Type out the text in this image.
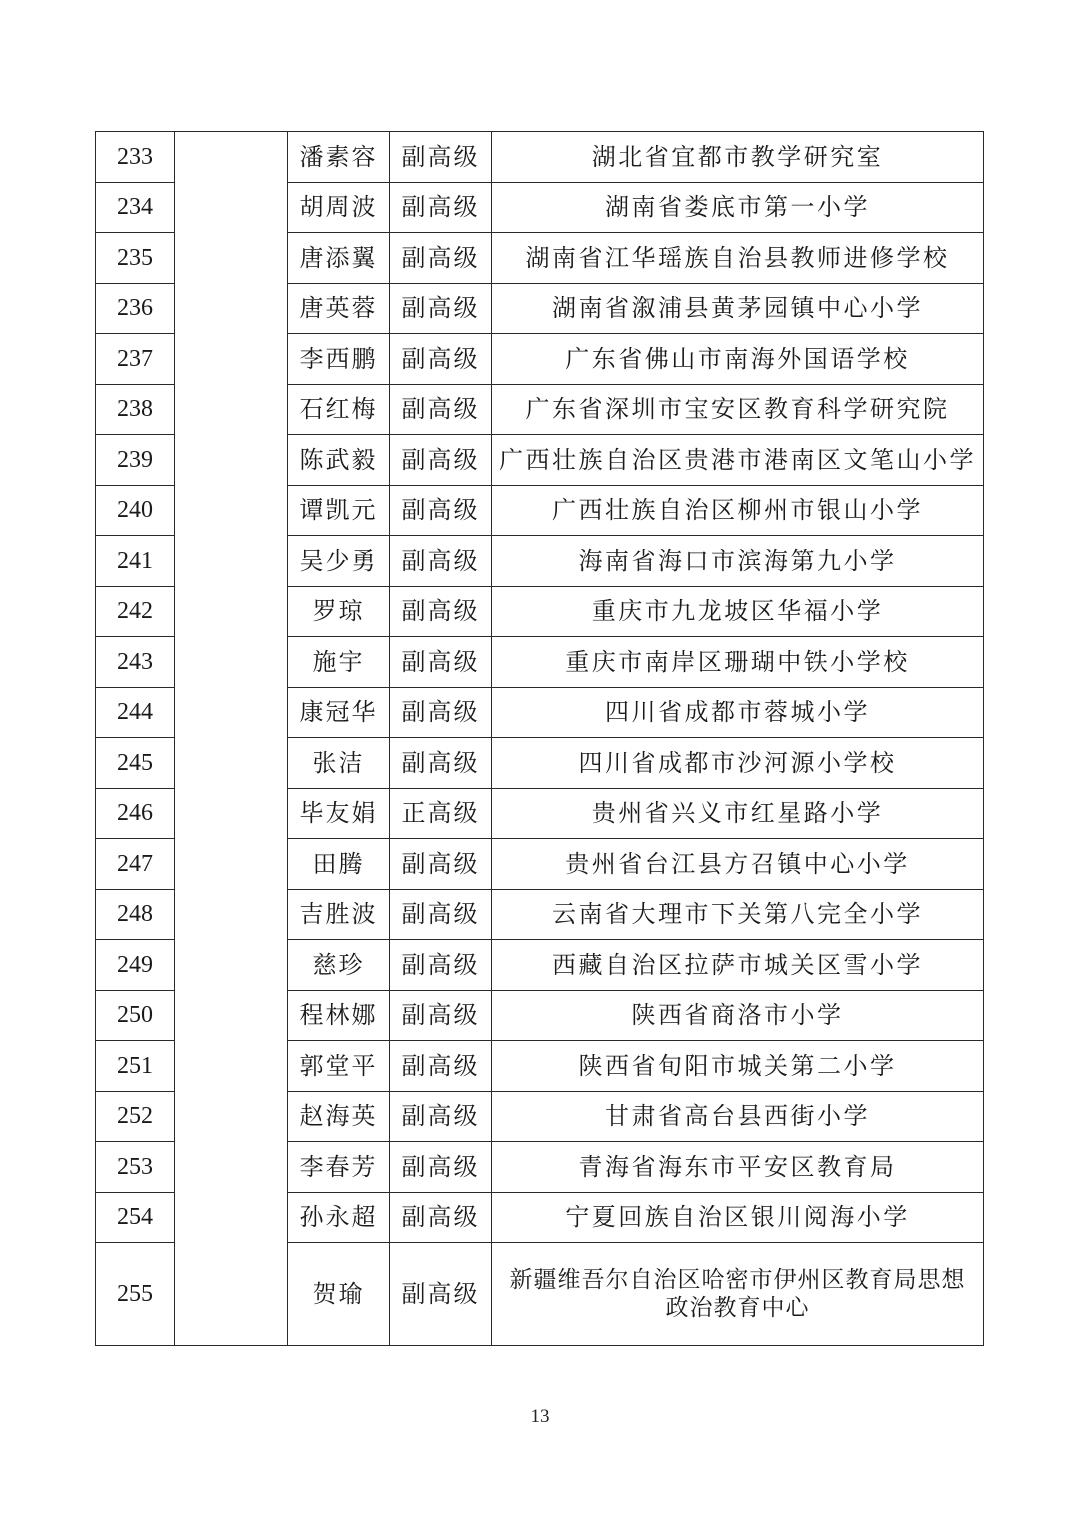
233		潘素容	副高级	湖北省宜都市教学研究室
234		胡周波	副高级	湖南省娄底市第一小学
235		唐添翼	副高级	湖南省江华瑶族自治县教师进修学校
236		唐英蓉	副高级	湖南省溆浦县黄茅园镇中心小学
237		李西鹏	副高级	广东省佛山市南海外国语学校
238		石红梅	副高级	广东省深圳市宝安区教育科学研究院
239		陈武毅	副高级	广西壮族自治区贵港市港南区文笔山小学
240		谭凯元	副高级	广西壮族自治区柳州市银山小学
241		吴少勇	副高级	海南省海口市滨海第九小学
242		罗琼	副高级	重庆市九龙坡区华福小学
243		施宇	副高级	重庆市南岸区珊瑚中铁小学校
244		康冠华	副高级	四川省成都市蓉城小学
245		张洁	副高级	四川省成都市沙河源小学校
246		毕友娟	正高级	贵州省兴义市红星路小学
247		田腾	副高级	贵州省台江县方召镇中心小学
248		吉胜波	副高级	云南省大理市下关第八完全小学
249		慈珍	副高级	西藏自治区拉萨市城关区雪小学
250		程林娜	副高级	陕西省商洛市小学
251		郭堂平	副高级	陕西省旬阳市城关第二小学
252		赵海英	副高级	甘肃省高台县西街小学
253		李春芳	副高级	青海省海东市平安区教育局
254		孙永超	副高级	宁夏回族自治区银川阅海小学
255		贺瑜	副高级	新疆维吾尔自治区哈密市伊州区教育局思想政治教育中心
13
